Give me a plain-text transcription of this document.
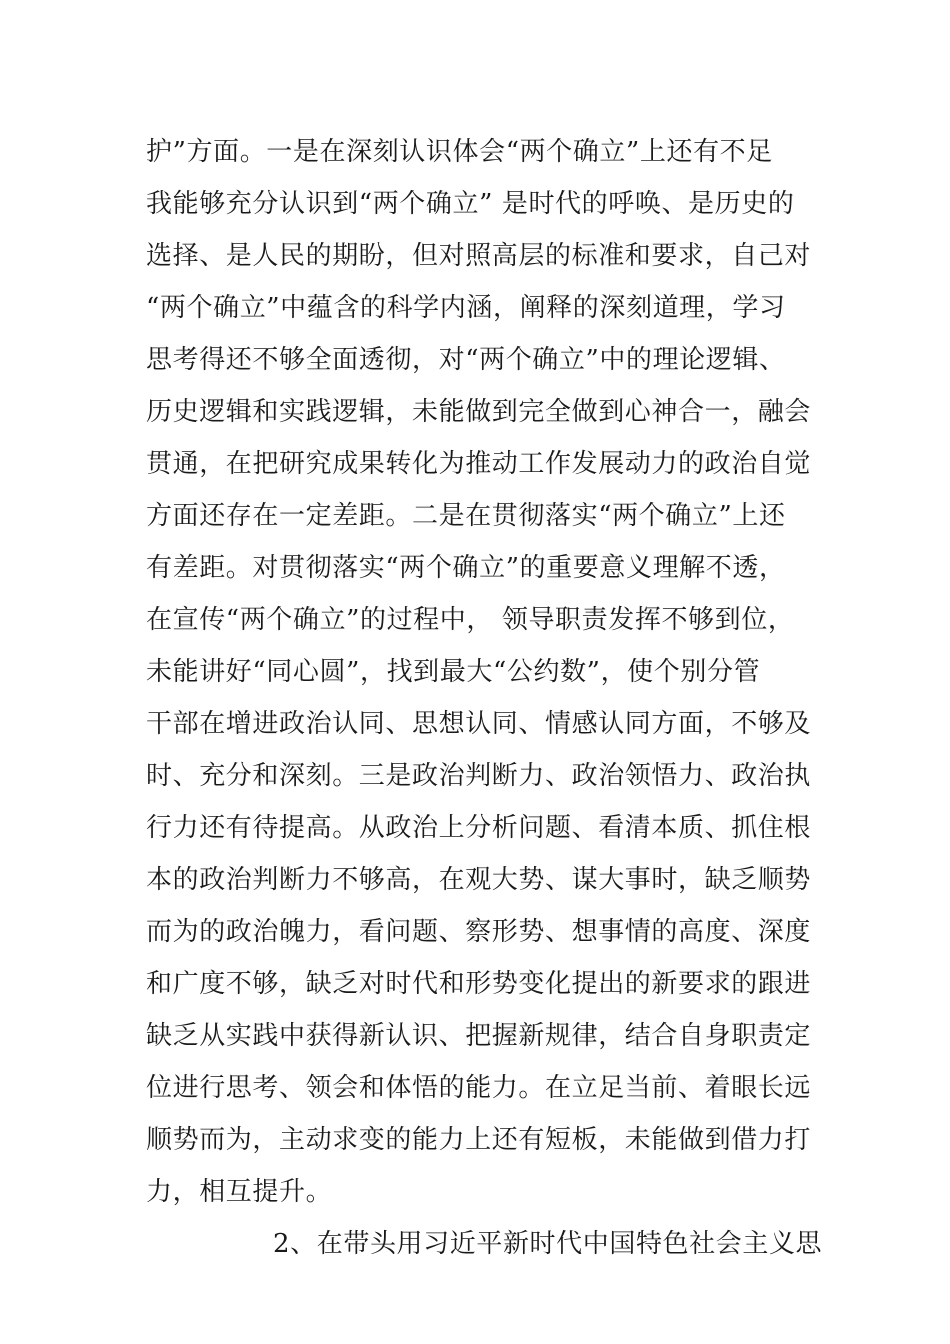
护”方面。一是在深刻认识体会“两个确立”上还有不足
我能够充分认识到“两个确立” 是时代的呼唤、是历史的
选择、是人民的期盼，但对照高层的标准和要求，自己对
“两个确立”中蕴含的科学内涵，阐释的深刻道理，学习
思考得还不够全面透彻，对“两个确立”中的理论逻辑、
历史逻辑和实践逻辑，未能做到完全做到心神合一，融会
贯通，在把研究成果转化为推动工作发展动力的政治自觉
方面还存在一定差距。二是在贯彻落实“两个确立”上还
有差距。对贯彻落实“两个确立”的重要意义理解不透，
在宣传“两个确立”的过程中， 领导职责发挥不够到位，
未能讲好“同心圆”，找到最大“公约数”，使个别分管
干部在增进政治认同、思想认同、情感认同方面，不够及
时、充分和深刻。三是政治判断力、政治领悟力、政治执
行力还有待提高。从政治上分析问题、看清本质、抓住根
本的政治判断力不够高，在观大势、谋大事时，缺乏顺势
而为的政治魄力，看问题、察形势、想事情的高度、深度
和广度不够，缺乏对时代和形势变化提出的新要求的跟进
缺乏从实践中获得新认识、把握新规律，结合自身职责定
位进行思考、领会和体悟的能力。在立足当前、着眼长远
顺势而为，主动求变的能力上还有短板，未能做到借力打
力，相互提升。
2、在带头用习近平新时代中国特色社会主义思
